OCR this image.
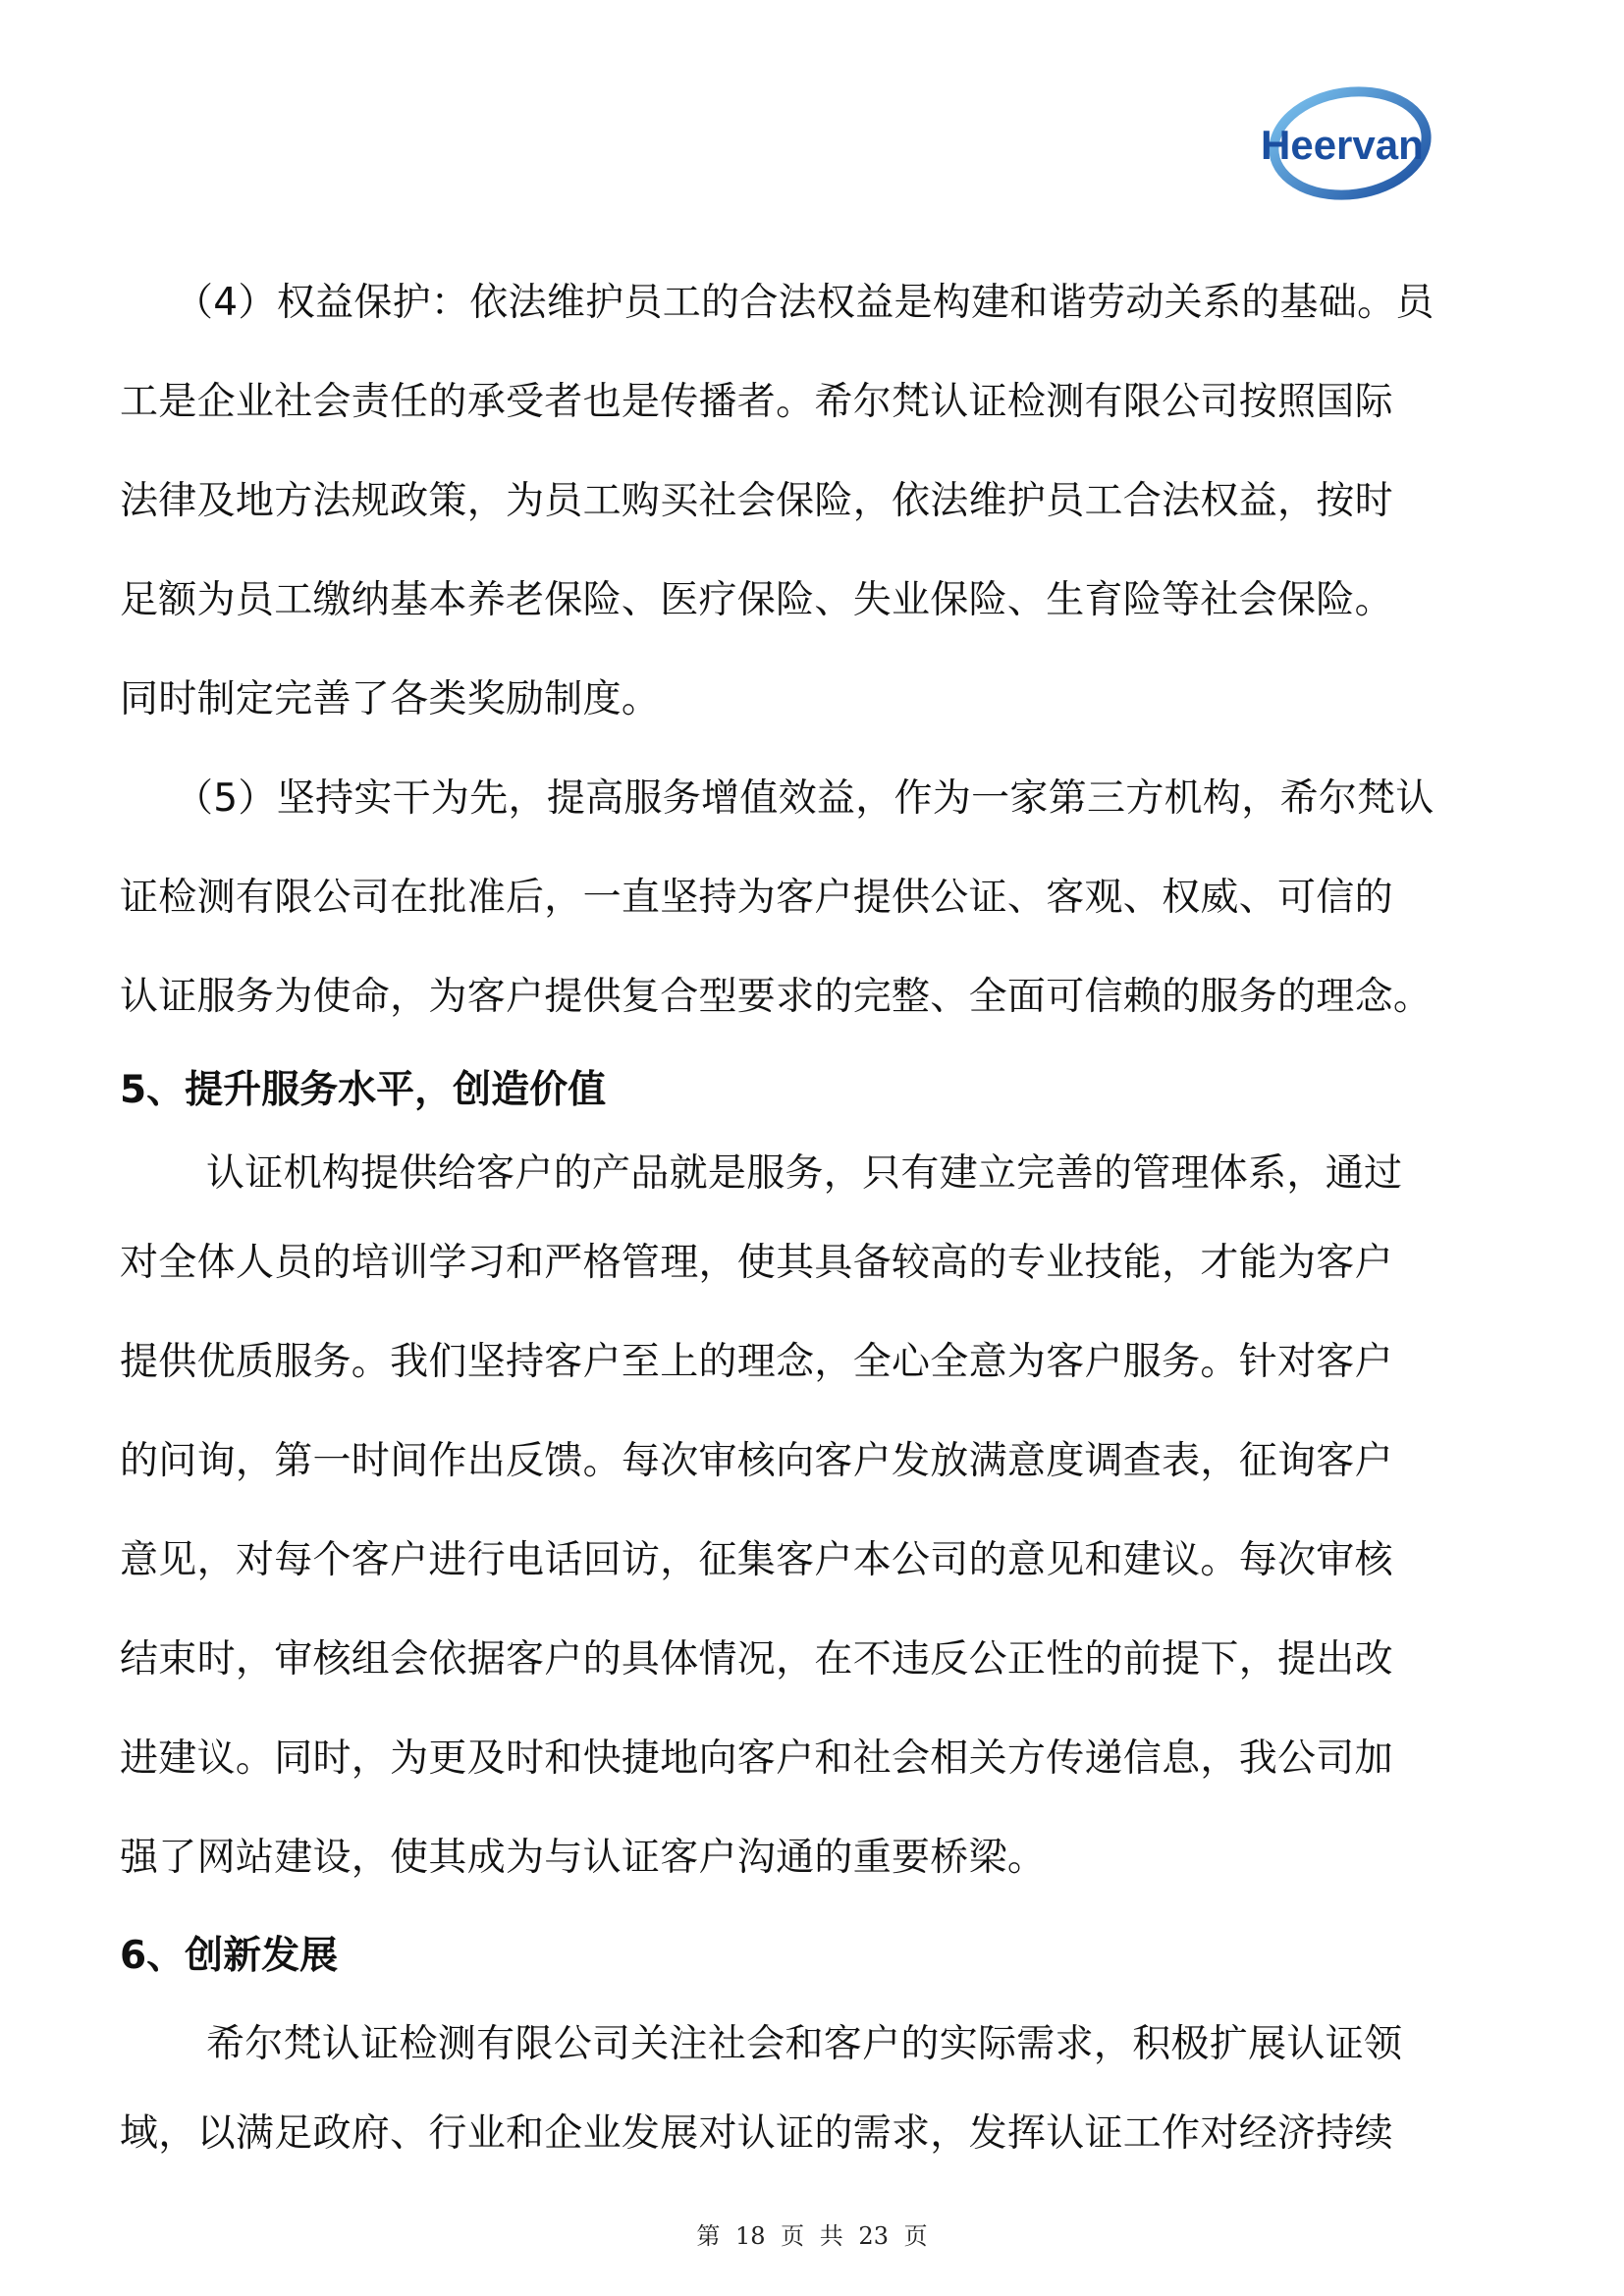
Heervan
（4）权益保护：依法维护员工的合法权益是构建和谐劳动关系的基础。员
工是企业社会责任的承受者也是传播者。希尔梵认证检测有限公司按照国际
法律及地方法规政策，为员工购买社会保险，依法维护员工合法权益，按时
足额为员工缴纳基本养老保险、医疗保险、失业保险、生育险等社会保险。
同时制定完善了各类奖励制度。
（5）坚持实干为先，提高服务增值效益，作为一家第三方机构，希尔梵认
证检测有限公司在批准后，一直坚持为客户提供公证、客观、权威、可信的
认证服务为使命，为客户提供复合型要求的完整、全面可信赖的服务的理念。
5、提升服务水平，创造价值
认证机构提供给客户的产品就是服务，只有建立完善的管理体系，通过
对全体人员的培训学习和严格管理，使其具备较高的专业技能，才能为客户
提供优质服务。我们坚持客户至上的理念，全心全意为客户服务。针对客户
的问询，第一时间作出反馈。每次审核向客户发放满意度调查表，征询客户
意见，对每个客户进行电话回访，征集客户本公司的意见和建议。每次审核
结束时，审核组会依据客户的具体情况，在不违反公正性的前提下，提出改
进建议。同时，为更及时和快捷地向客户和社会相关方传递信息，我公司加
强了网站建设，使其成为与认证客户沟通的重要桥梁。
6、创新发展
希尔梵认证检测有限公司关注社会和客户的实际需求，积极扩展认证领
域，以满足政府、行业和企业发展对认证的需求，发挥认证工作对经济持续
第 18 页 共 23 页
